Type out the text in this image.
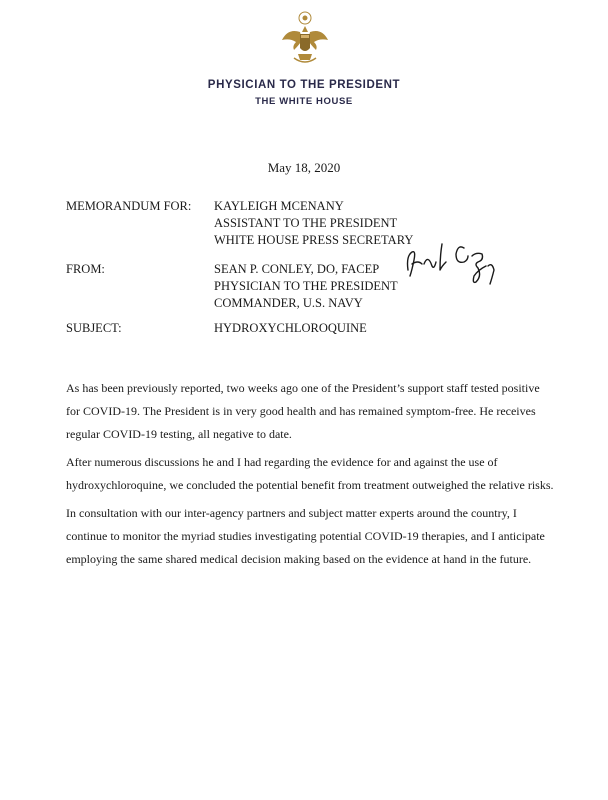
PHYSICIAN TO THE PRESIDENT
THE WHITE HOUSE
May 18, 2020
MEMORANDUM FOR: KAYLEIGH MCENANY
ASSISTANT TO THE PRESIDENT
WHITE HOUSE PRESS SECRETARY
FROM:	SEAN P. CONLEY, DO, FACEP
PHYSICIAN TO THE PRESIDENT
COMMANDER, U.S. NAVY
SUBJECT:	HYDROXYCHLOROQUINE

As has been previously reported, two weeks ago one of the President’s support staff tested positive for COVID-19. The President is in very good health and has remained symptom-free. He receives regular COVID-19 testing, all negative to date.

After numerous discussions he and I had regarding the evidence for and against the use of hydroxychloroquine, we concluded the potential benefit from treatment outweighed the relative risks.

In consultation with our inter-agency partners and subject matter experts around the country, I continue to monitor the myriad studies investigating potential COVID-19 therapies, and I anticipate employing the same shared medical decision making based on the evidence at hand in the future.
